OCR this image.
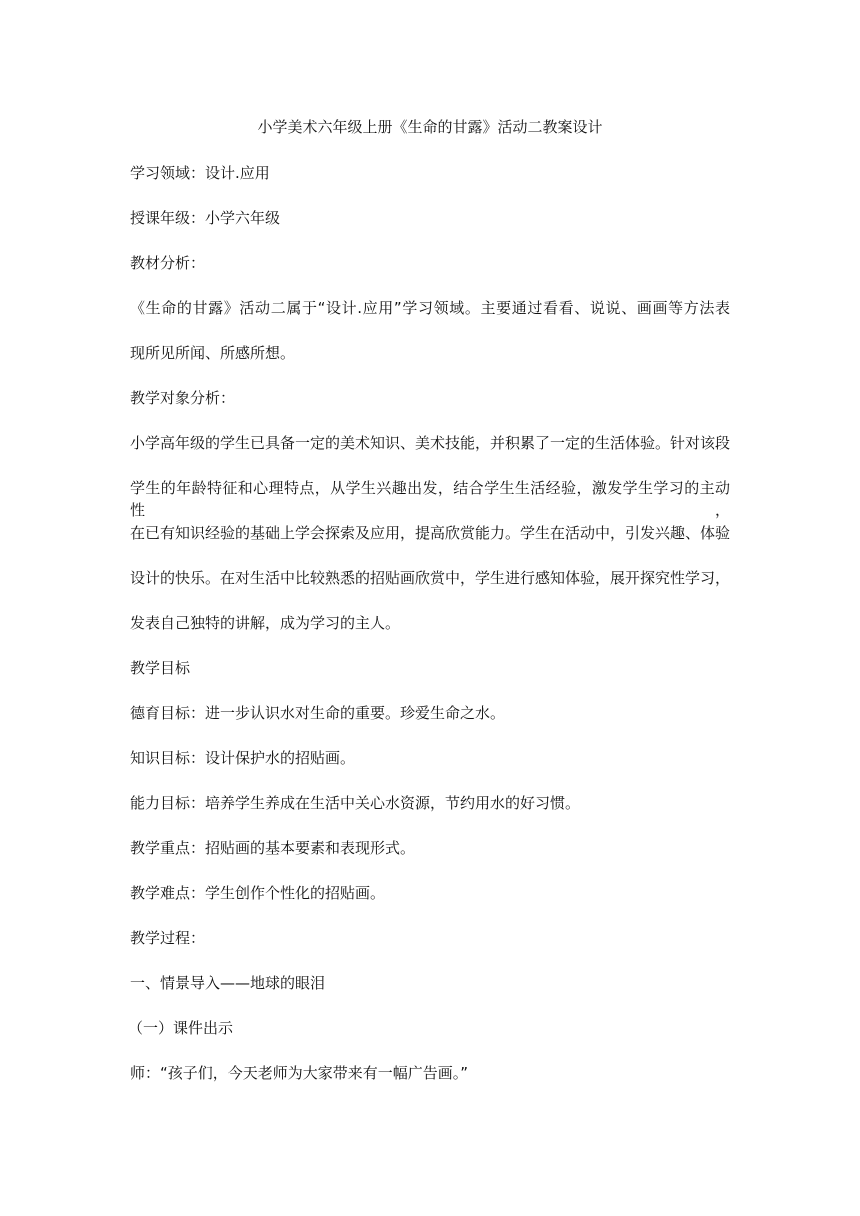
小学美术六年级上册《生命的甘露》活动二教案设计
学习领域：设计.应用
授课年级：小学六年级
教材分析：
《生命的甘露》活动二属于“设计.应用”学习领域。主要通过看看、说说、画画等方法表
现所见所闻、所感所想。
教学对象分析：
小学高年级的学生已具备一定的美术知识、美术技能，并积累了一定的生活体验。针对该段
学生的年龄特征和心理特点，从学生兴趣出发，结合学生生活经验，激发学生学习的主动性，
在已有知识经验的基础上学会探索及应用，提高欣赏能力。学生在活动中，引发兴趣、体验
设计的快乐。在对生活中比较熟悉的招贴画欣赏中，学生进行感知体验，展开探究性学习，
发表自己独特的讲解，成为学习的主人。
教学目标
德育目标：进一步认识水对生命的重要。珍爱生命之水。
知识目标：设计保护水的招贴画。
能力目标：培养学生养成在生活中关心水资源，节约用水的好习惯。
教学重点：招贴画的基本要素和表现形式。
教学难点：学生创作个性化的招贴画。
教学过程：
一、情景导入——地球的眼泪
（一）课件出示
师：“孩子们，今天老师为大家带来有一幅广告画。”
